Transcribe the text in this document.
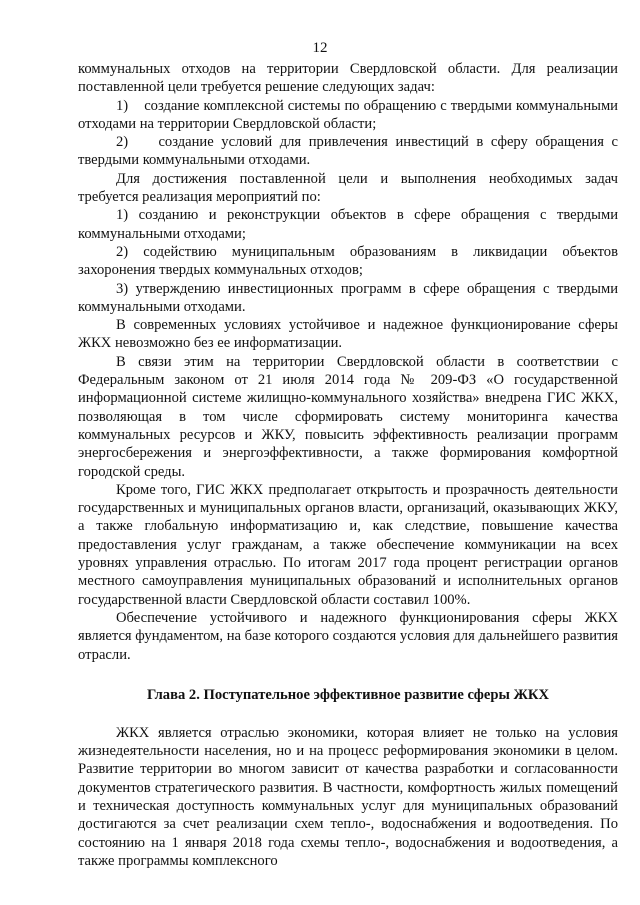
12

коммунальных отходов на территории Свердловской области. Для реализации поставленной цели требуется решение следующих задач:

1)    создание комплексной системы по обращению с твердыми коммунальными отходами на территории Свердловской области;

2)    создание условий для привлечения инвестиций в сферу обращения с твердыми коммунальными отходами.

Для достижения поставленной цели и выполнения необходимых задач требуется реализация мероприятий по:

1) созданию и реконструкции объектов в сфере обращения с твердыми коммунальными отходами;

2) содействию муниципальным образованиям в ликвидации объектов захоронения твердых коммунальных отходов;

3) утверждению инвестиционных программ в сфере обращения с твердыми коммунальными отходами.

В современных условиях устойчивое и надежное функционирование сферы ЖКХ невозможно без ее информатизации.

В связи этим на территории Свердловской области в соответствии с Федеральным законом от 21 июля 2014 года № 209-ФЗ «О государственной информационной системе жилищно-коммунального хозяйства» внедрена ГИС ЖКХ, позволяющая в том числе сформировать систему мониторинга качества коммунальных ресурсов и ЖКУ, повысить эффективность реализации программ энергосбережения и энергоэффективности, а также формирования комфортной городской среды.

Кроме того, ГИС ЖКХ предполагает открытость и прозрачность деятельности государственных и муниципальных органов власти, организаций, оказывающих ЖКУ, а также глобальную информатизацию и, как следствие, повышение качества предоставления услуг гражданам, а также обеспечение коммуникации на всех уровнях управления отраслью. По итогам 2017 года процент регистрации органов местного самоуправления муниципальных образований и исполнительных органов государственной власти Свердловской области составил 100%.

Обеспечение устойчивого и надежного функционирования сферы ЖКХ является фундаментом, на базе которого создаются условия для дальнейшего развития отрасли.

Глава 2. Поступательное эффективное развитие сферы ЖКХ

ЖКХ является отраслью экономики, которая влияет не только на условия жизнедеятельности населения, но и на процесс реформирования экономики в целом. Развитие территории во многом зависит от качества разработки и согласованности документов стратегического развития. В частности, комфортность жилых помещений и техническая доступность коммунальных услуг для муниципальных образований достигаются за счет реализации схем тепло-, водоснабжения и водоотведения. По состоянию на 1 января 2018 года схемы тепло-, водоснабжения и водоотведения, а также программы комплексного
